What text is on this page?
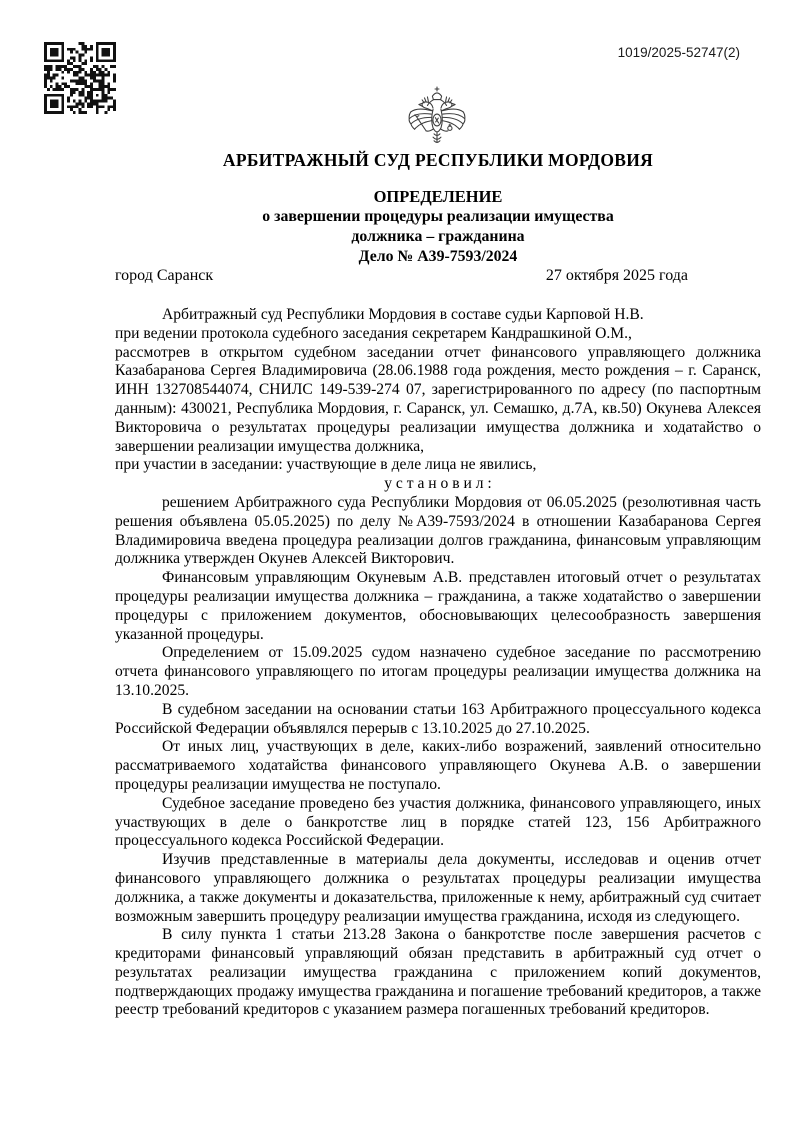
1019/2025-52747(2)
АРБИТРАЖНЫЙ СУД РЕСПУБЛИКИ МОРДОВИЯ
ОПРЕДЕЛЕНИЕ
о завершении процедуры реализации имущества
должника – гражданина
Дело № А39-7593/2024
город Саранск	27 октября 2025 года

Арбитражный суд Республики Мордовия в составе судьи Карповой Н.В.

при ведении протокола судебного заседания секретарем Кандрашкиной О.М.,

рассмотрев в открытом судебном заседании отчет финансового управляющего должника Казабаранова Сергея Владимировича (28.06.1988 года рождения, место рождения – г. Саранск, ИНН 132708544074, СНИЛС 149-539-274 07, зарегистрированного по адресу (по паспортным данным): 430021, Республика Мордовия, г. Саранск, ул. Семашко, д.7А, кв.50) Окунева Алексея Викторовича о результатах процедуры реализации имущества должника и ходатайство о завершении реализации имущества должника,

при участии в заседании: участвующие в деле лица не явились,

у с т а н о в и л :

решением Арбитражного суда Республики Мордовия от 06.05.2025 (резолютивная часть решения объявлена 05.05.2025) по делу №А39-7593/2024 в отношении Казабаранова Сергея Владимировича введена процедура реализации долгов гражданина, финансовым управляющим должника утвержден Окунев Алексей Викторович.

Финансовым управляющим Окуневым А.В. представлен итоговый отчет о результатах процедуры реализации имущества должника – гражданина, а также ходатайство о завершении процедуры с приложением документов, обосновывающих целесообразность завершения указанной процедуры.

Определением от 15.09.2025 судом назначено судебное заседание по рассмотрению отчета финансового управляющего по итогам процедуры реализации имущества должника на 13.10.2025.

В судебном заседании на основании статьи 163 Арбитражного процессуального кодекса Российской Федерации объявлялся перерыв с 13.10.2025 до 27.10.2025.

От иных лиц, участвующих в деле, каких-либо возражений, заявлений относительно рассматриваемого ходатайства финансового управляющего Окунева А.В. о завершении процедуры реализации имущества не поступало.

Судебное заседание проведено без участия должника, финансового управляющего, иных участвующих в деле о банкротстве лиц в порядке статей 123, 156 Арбитражного процессуального кодекса Российской Федерации.

Изучив представленные в материалы дела документы, исследовав и оценив отчет финансового управляющего должника о результатах процедуры реализации имущества должника, а также документы и доказательства, приложенные к нему, арбитражный суд считает возможным завершить процедуру реализации имущества гражданина, исходя из следующего.

В силу пункта 1 статьи 213.28 Закона о банкротстве после завершения расчетов с кредиторами финансовый управляющий обязан представить в арбитражный суд отчет о результатах реализации имущества гражданина с приложением копий документов, подтверждающих продажу имущества гражданина и погашение требований кредиторов, а также реестр требований кредиторов с указанием размера погашенных требований кредиторов.
